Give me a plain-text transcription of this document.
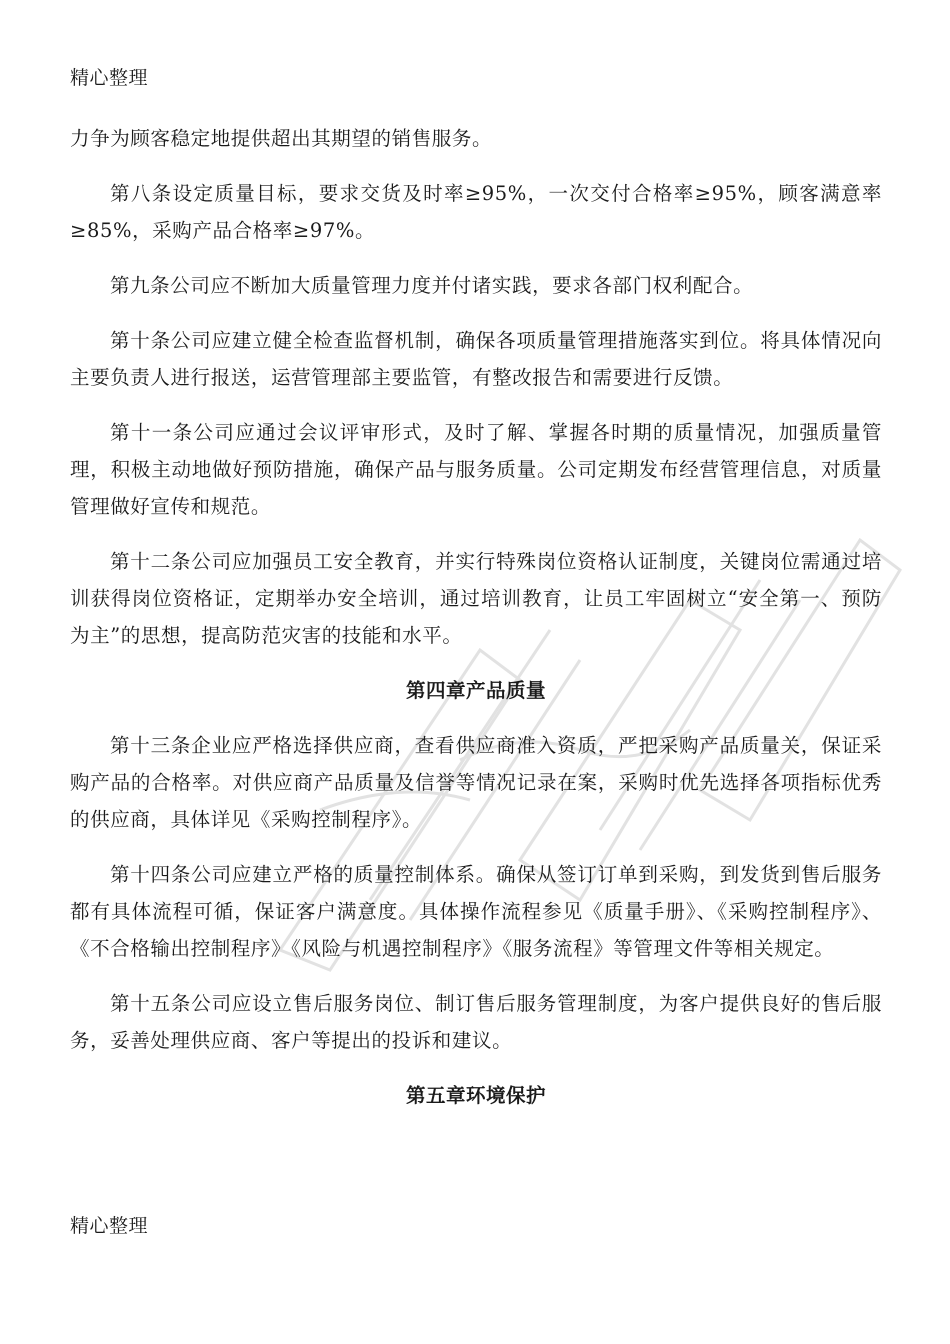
精心整理

力争为顾客稳定地提供超出其期望的销售服务。

第八条设定质量目标，要求交货及时率≥95%，一次交付合格率≥95%，顾客满意率≥85%，采购产品合格率≥97%。

第九条公司应不断加大质量管理力度并付诸实践，要求各部门权利配合。

第十条公司应建立健全检查监督机制，确保各项质量管理措施落实到位。将具体情况向主要负责人进行报送，运营管理部主要监管，有整改报告和需要进行反馈。

第十一条公司应通过会议评审形式，及时了解、掌握各时期的质量情况，加强质量管理，积极主动地做好预防措施，确保产品与服务质量。公司定期发布经营管理信息，对质量管理做好宣传和规范。

第十二条公司应加强员工安全教育，并实行特殊岗位资格认证制度，关键岗位需通过培训获得岗位资格证，定期举办安全培训，通过培训教育，让员工牢固树立“安全第一、预防为主”的思想，提高防范灾害的技能和水平。

第四章产品质量

第十三条企业应严格选择供应商，查看供应商准入资质，严把采购产品质量关，保证采购产品的合格率。对供应商产品质量及信誉等情况记录在案，采购时优先选择各项指标优秀的供应商，具体详见《采购控制程序》。

第十四条公司应建立严格的质量控制体系。确保从签订订单到采购，到发货到售后服务都有具体流程可循，保证客户满意度。具体操作流程参见《质量手册》、《采购控制程序》、《不合格输出控制程序》《风险与机遇控制程序》《服务流程》等管理文件等相关规定。

第十五条公司应设立售后服务岗位、制订售后服务管理制度，为客户提供良好的售后服务，妥善处理供应商、客户等提出的投诉和建议。

第五章环境保护
精心整理
